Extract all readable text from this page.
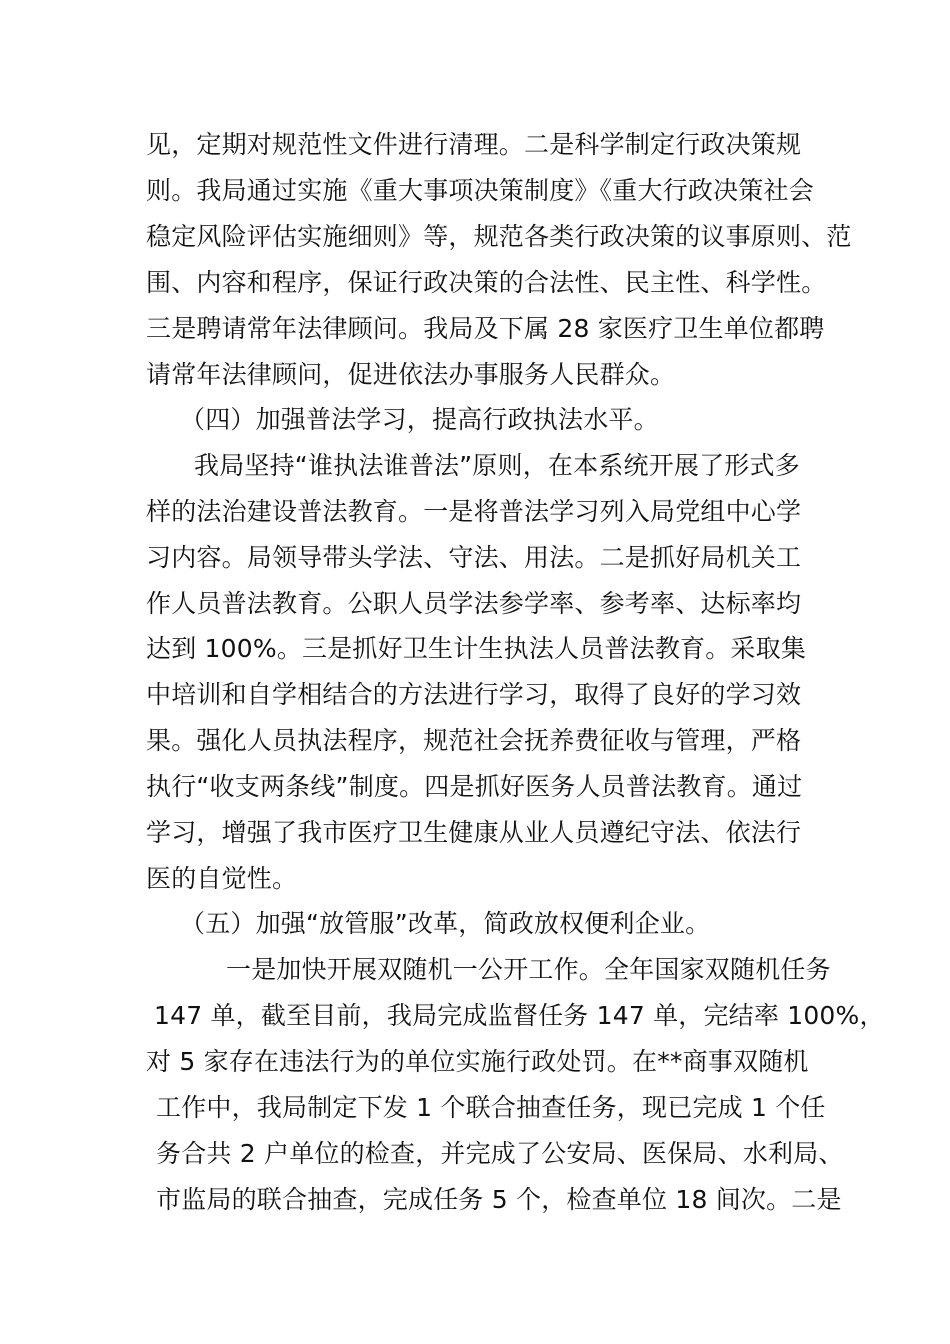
见，定期对规范性文件进行清理。二是科学制定行政决策规
则。我局通过实施《重大事项决策制度》《重大行政决策社会
稳定风险评估实施细则》等，规范各类行政决策的议事原则、范
围、内容和程序，保证行政决策的合法性、民主性、科学性。
三是聘请常年法律顾问。我局及下属 28 家医疗卫生单位都聘
请常年法律顾问，促进依法办事服务人民群众。
（四）加强普法学习，提高行政执法水平。
我局坚持“谁执法谁普法”原则，在本系统开展了形式多
样的法治建设普法教育。一是将普法学习列入局党组中心学
习内容。局领导带头学法、守法、用法。二是抓好局机关工
作人员普法教育。公职人员学法参学率、参考率、达标率均
达到 100%。三是抓好卫生计生执法人员普法教育。采取集
中培训和自学相结合的方法进行学习，取得了良好的学习效
果。强化人员执法程序，规范社会抚养费征收与管理，严格
执行“收支两条线”制度。四是抓好医务人员普法教育。通过
学习，增强了我市医疗卫生健康从业人员遵纪守法、依法行
医的自觉性。
（五）加强“放管服”改革，简政放权便利企业。
一是加快开展双随机一公开工作。全年国家双随机任务
147 单，截至目前，我局完成监督任务 147 单，完结率 100%，
对 5 家存在违法行为的单位实施行政处罚。在**商事双随机
工作中，我局制定下发 1 个联合抽查任务，现已完成 1 个任
务合共 2 户单位的检查，并完成了公安局、医保局、水利局、
市监局的联合抽查，完成任务 5 个，检查单位 18 间次。二是
